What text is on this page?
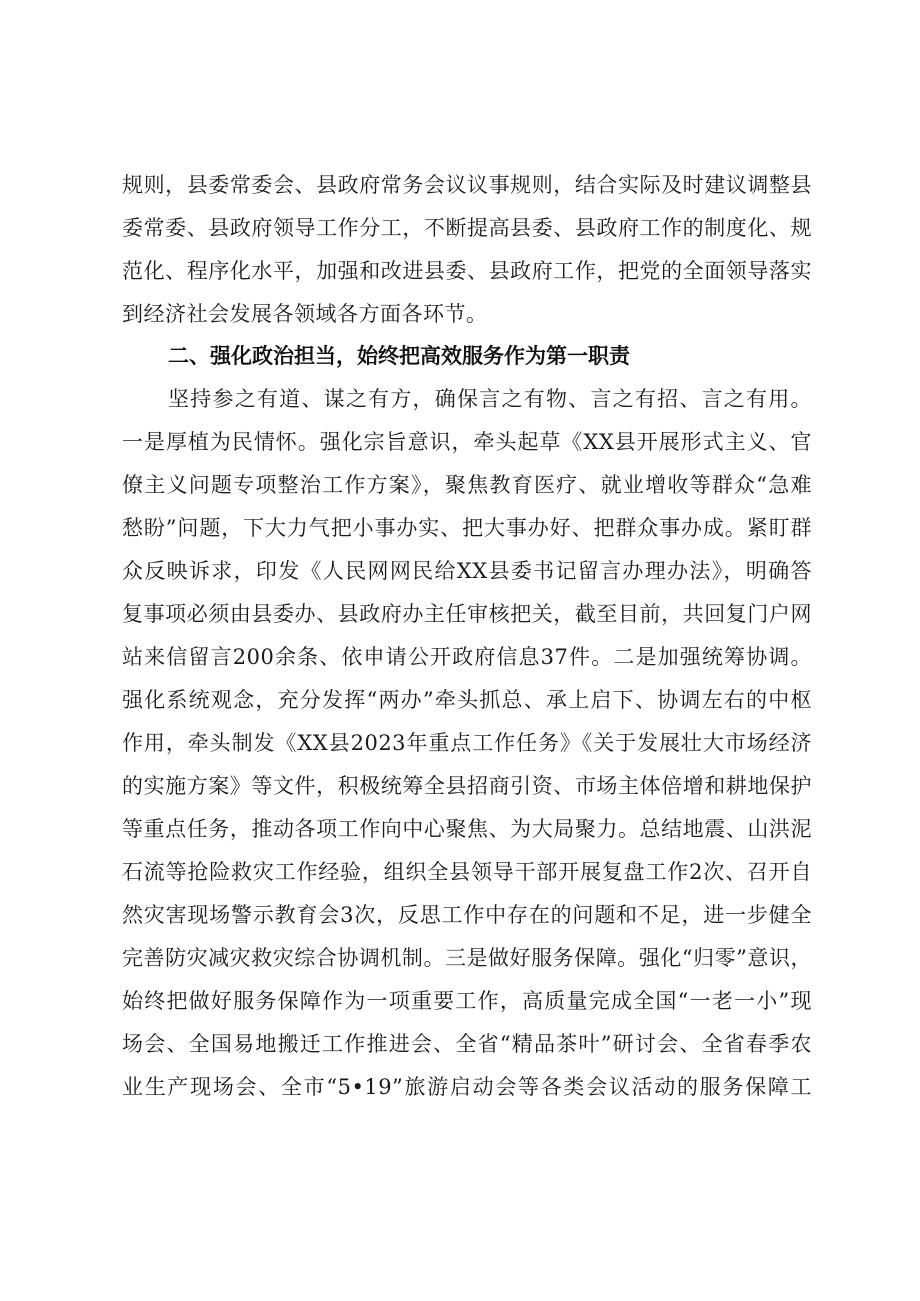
规则，县委常委会、县政府常务会议议事规则，结合实际及时建议调整县
委常委、县政府领导工作分工，不断提高县委、县政府工作的制度化、规
范化、程序化水平，加强和改进县委、县政府工作，把党的全面领导落实
到经济社会发展各领域各方面各环节。
二、强化政治担当，始终把高效服务作为第一职责
坚持参之有道、谋之有方，确保言之有物、言之有招、言之有用。
一是厚植为民情怀。强化宗旨意识，牵头起草《XX县开展形式主义、官
僚主义问题专项整治工作方案》，聚焦教育医疗、就业增收等群众“急难
愁盼”问题，下大力气把小事办实、把大事办好、把群众事办成。紧盯群
众反映诉求，印发《人民网网民给XX县委书记留言办理办法》，明确答
复事项必须由县委办、县政府办主任审核把关，截至目前，共回复门户网
站来信留言200余条、依申请公开政府信息37件。二是加强统筹协调。
强化系统观念，充分发挥“两办”牵头抓总、承上启下、协调左右的中枢
作用，牵头制发《XX县2023年重点工作任务》《关于发展壮大市场经济
的实施方案》等文件，积极统筹全县招商引资、市场主体倍增和耕地保护
等重点任务，推动各项工作向中心聚焦、为大局聚力。总结地震、山洪泥
石流等抢险救灾工作经验，组织全县领导干部开展复盘工作2次、召开自
然灾害现场警示教育会3次，反思工作中存在的问题和不足，进一步健全
完善防灾减灾救灾综合协调机制。三是做好服务保障。强化“归零”意识，
始终把做好服务保障作为一项重要工作，高质量完成全国“一老一小”现
场会、全国易地搬迁工作推进会、全省“精品茶叶”研讨会、全省春季农
业生产现场会、全市“5•19”旅游启动会等各类会议活动的服务保障工
